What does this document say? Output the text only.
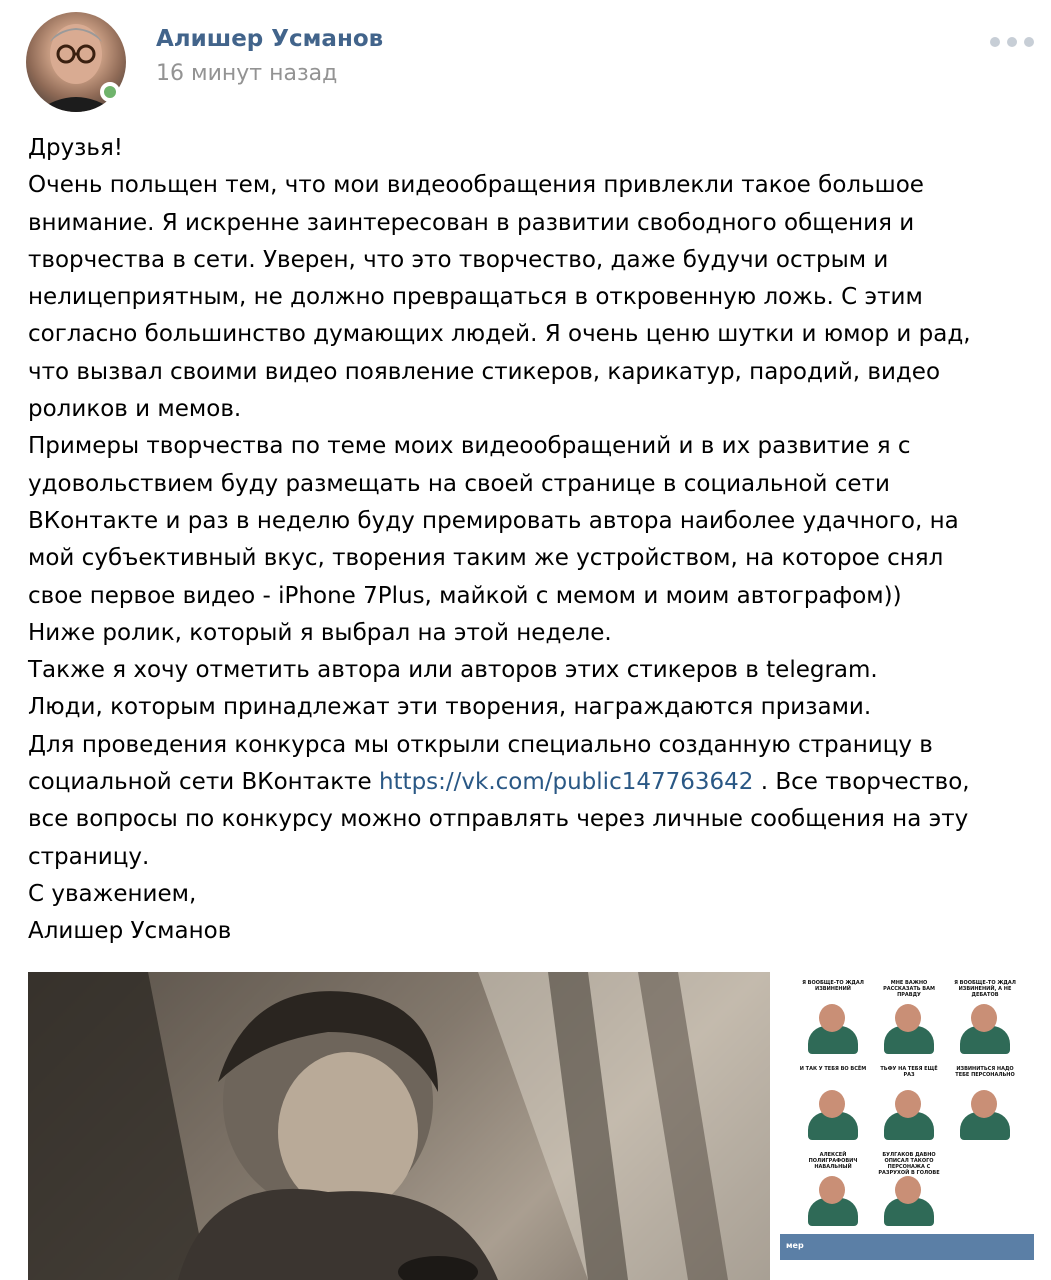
Алишер Усманов
16 минут назад
Друзья!
Очень польщен тем, что мои видеообращения привлекли такое большое
внимание. Я искренне заинтересован в развитии свободного общения и
творчества в сети. Уверен, что это творчество, даже будучи острым и
нелицеприятным, не должно превращаться в откровенную ложь. С этим
согласно большинство думающих людей. Я очень ценю шутки и юмор и рад,
что вызвал своими видео появление стикеров, карикатур, пародий, видео
роликов и мемов.
Примеры творчества по теме моих видеообращений и в их развитие я с
удовольствием буду размещать на своей странице в социальной сети
ВКонтакте и раз в неделю буду премировать автора наиболее удачного, на
мой субъективный вкус, творения таким же устройством, на которое снял
свое первое видео - iPhone 7Plus, майкой с мемом и моим автографом))
Ниже ролик, который я выбрал на этой неделе.
Также я хочу отметить автора или авторов этих стикеров в telegram.
Люди, которым принадлежат эти творения, награждаются призами.
Для проведения конкурса мы открыли специально созданную страницу в
социальной сети ВКонтакте https://vk.com/public147763642 . Все творчество,
все вопросы по конкурсу можно отправлять через личные сообщения на эту
страницу.
С уважением,
Алишер Усманов
Я ВООБЩЕ-ТО ЖДАЛ ИЗВИНЕНИЙ
МНЕ ВАЖНО РАССКАЗАТЬ ВАМ ПРАВДУ
Я ВООБЩЕ-ТО ЖДАЛ ИЗВИНЕНИЙ, А НЕ ДЕБАТОВ
И ТАК У ТЕБЯ ВО ВСЁМ	ТЬФУ НА ТЕБЯ ЕЩЁ РАЗ
ИЗВИНИТЬСЯ НАДО ТЕБЕ ПЕРСОНАЛЬНО
АЛЕКСЕЙ ПОЛИГРАФОВИЧ НАВАЛЬНЫЙ
БУЛГАКОВ ДАВНО ОПИСАЛ ТАКОГО ПЕРСОНАЖА С РАЗРУХОЙ В ГОЛОВЕ
мер
